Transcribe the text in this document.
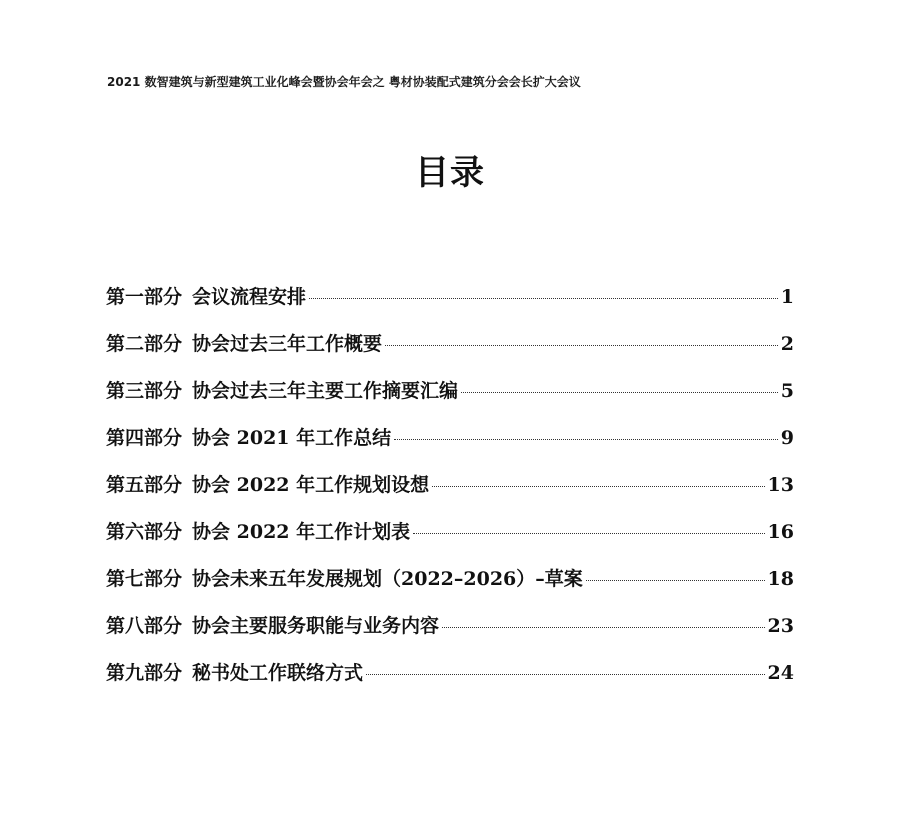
2021 数智建筑与新型建筑工业化峰会暨协会年会之 粤材协装配式建筑分会会长扩大会议
目录
第一部分 会议流程安排	1
第二部分 协会过去三年工作概要	2
第三部分 协会过去三年主要工作摘要汇编	5
第四部分 协会 2021 年工作总结	9
第五部分 协会 2022 年工作规划设想	13
第六部分 协会 2022 年工作计划表	16
第七部分 协会未来五年发展规划（2022–2026）–草案	18
第八部分 协会主要服务职能与业务内容	23
第九部分 秘书处工作联络方式	24
